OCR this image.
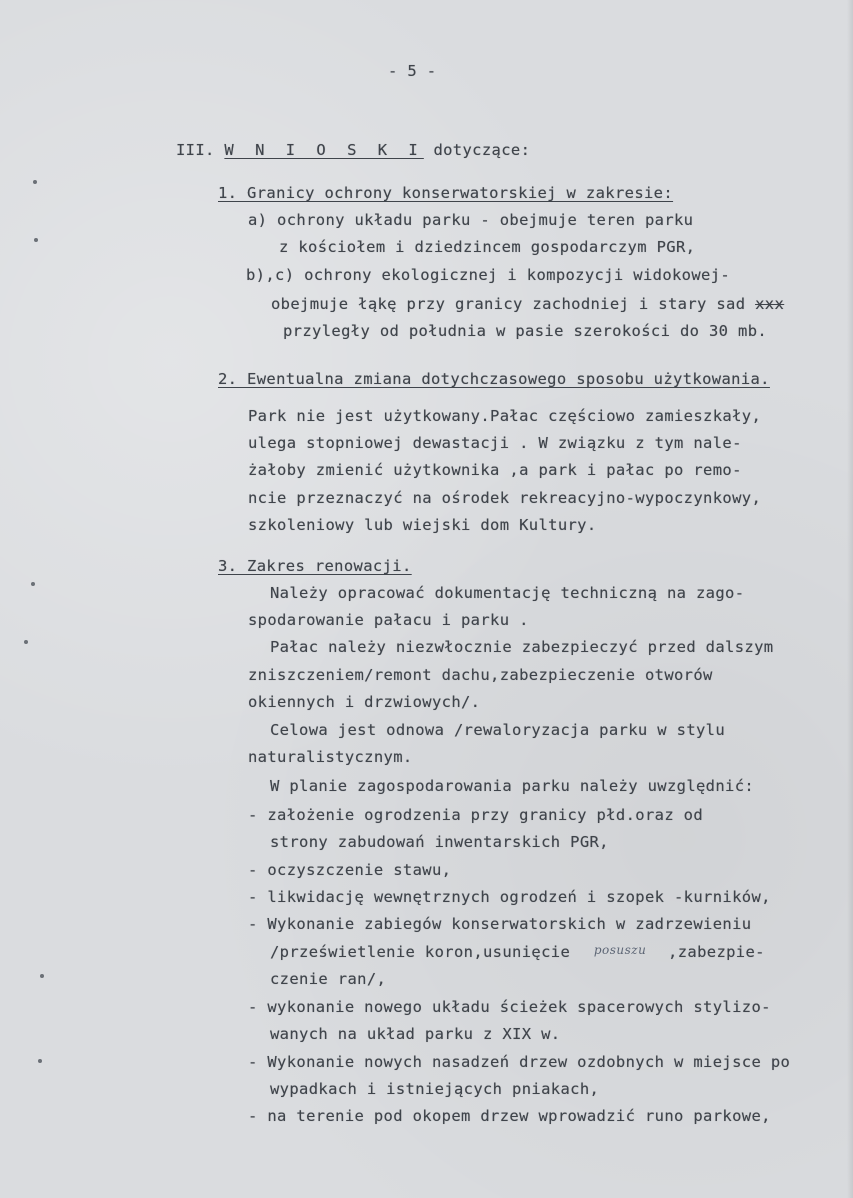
- 5 -
III. W N I O S K I dotyczące:
1. Granicy ochrony konserwatorskiej w zakresie:
a) ochrony układu parku - obejmuje teren parku
z kościołem i dziedzincem gospodarczym PGR,
b),c) ochrony ekologicznej i kompozycji widokowej-
obejmuje łąkę przy granicy zachodniej i stary sad xxx
przyległy od południa w pasie szerokości do 30 mb.
2. Ewentualna zmiana dotychczasowego sposobu użytkowania.
Park nie jest użytkowany.Pałac częściowo zamieszkały,
ulega stopniowej dewastacji . W związku z tym nale-
żałoby zmienić użytkownika ,a park i pałac po remo-
ncie przeznaczyć na ośrodek rekreacyjno-wypoczynkowy,
szkoleniowy lub wiejski dom Kultury.
3. Zakres renowacji.
Należy opracować dokumentację techniczną na zago-
spodarowanie pałacu i parku .
Pałac należy niezwłocznie zabezpieczyć przed dalszym
zniszczeniem/remont dachu,zabezpieczenie otworów
okiennych i drzwiowych/.
Celowa jest odnowa /rewaloryzacja parku w stylu
naturalistycznym.
W planie zagospodarowania parku należy uwzględnić:
- założenie ogrodzenia przy granicy płd.oraz od
strony zabudowań inwentarskich PGR,
- oczyszczenie stawu,
- likwidację wewnętrznych ogrodzeń i szopek -kurników,
- Wykonanie zabiegów konserwatorskich w zadrzewieniu
/prześwietlenie koron,usunięcie posuszu ,zabezpie-
czenie ran/,
- wykonanie nowego układu ścieżek spacerowych stylizo-
wanych na układ parku z XIX w.
- Wykonanie nowych nasadzeń drzew ozdobnych w miejsce po
wypadkach i istniejących pniakach,
- na terenie pod okopem drzew wprowadzić runo parkowe,
